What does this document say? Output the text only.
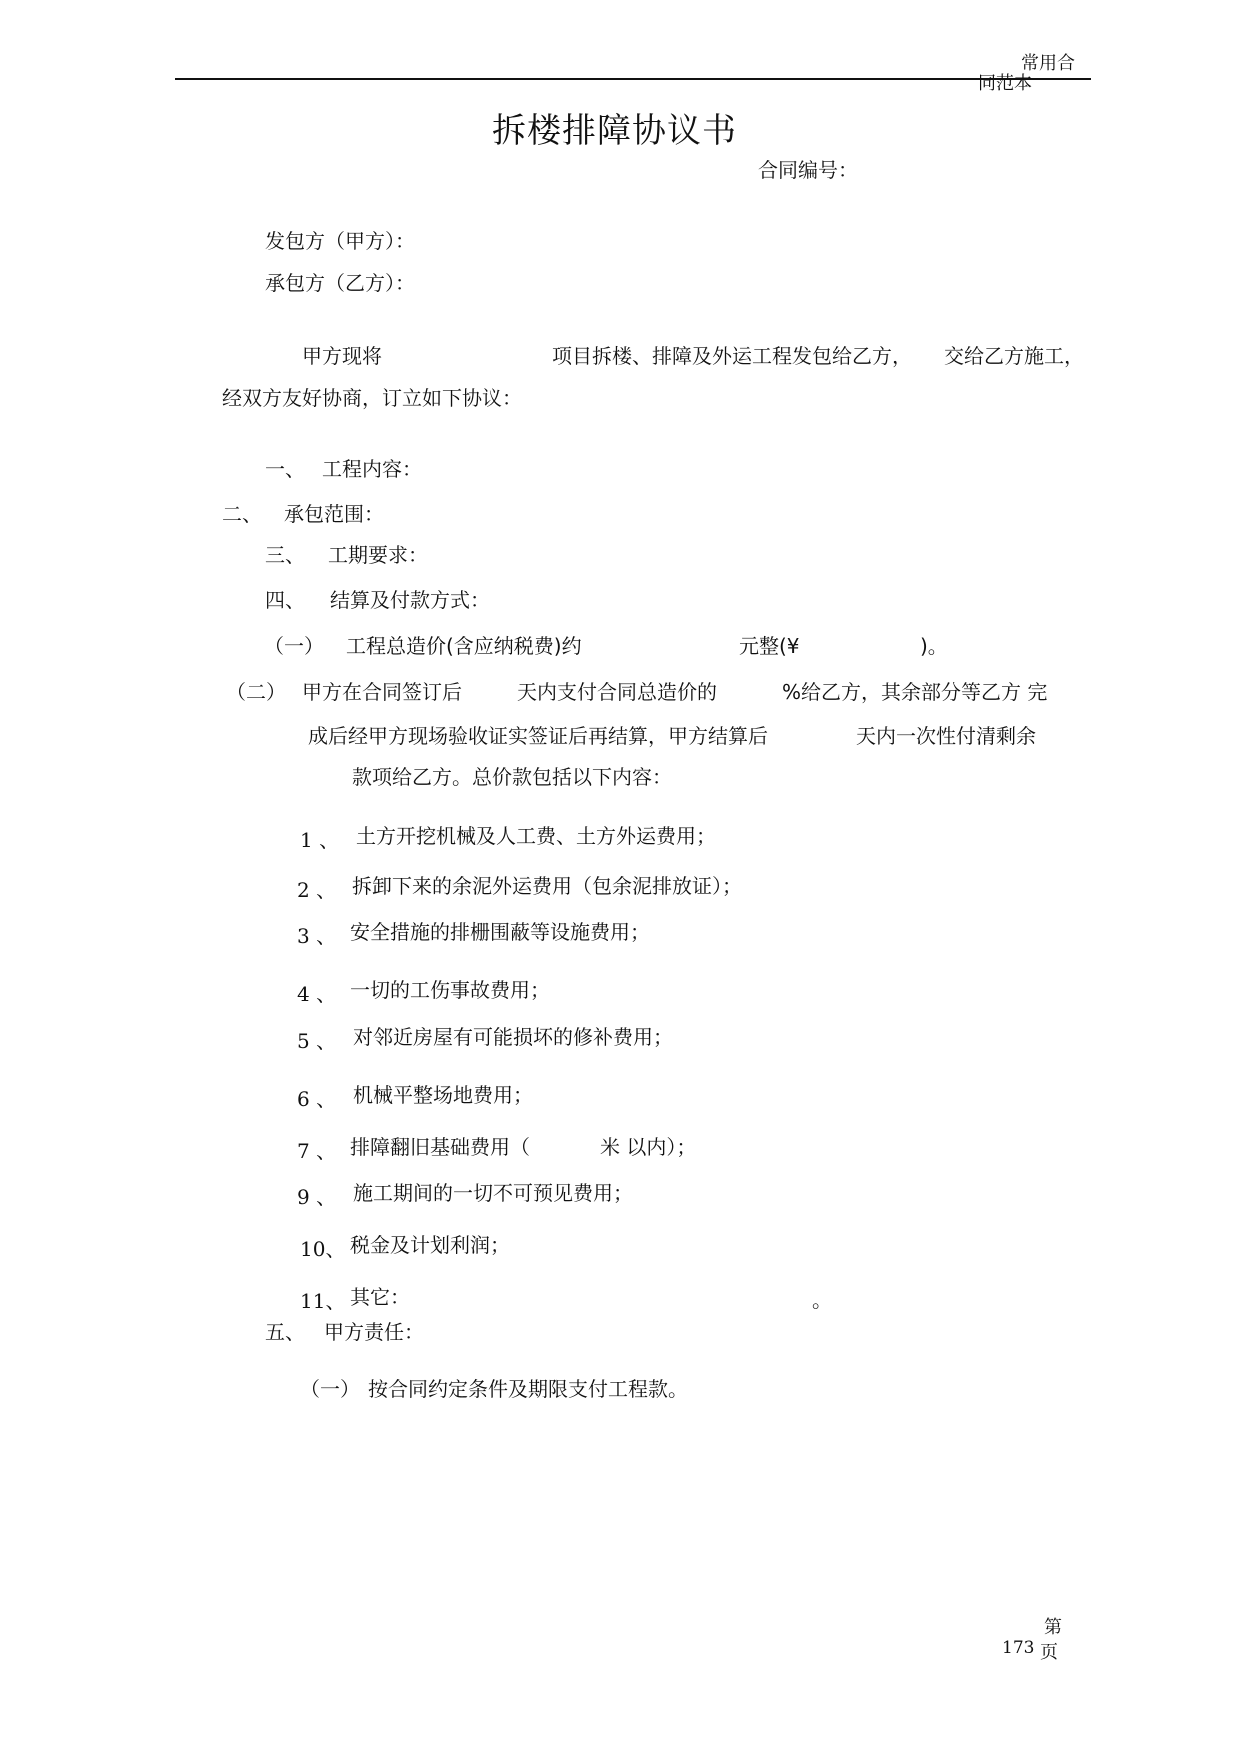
常用合
同范本
拆楼排障协议书
合同编号：
发包方（甲方）：
承包方（乙方）：
甲方现将	项目拆楼、排障及外运工程发包给乙方， 交给乙方施工，
经双方友好协商，订立如下协议：
一、 工程内容：
二、 承包范围：
三、 工期要求：
四、 结算及付款方式：
（一） 工程总造价(含应纳税费)约	元整(¥	)。
（二） 甲方在合同签订后	天内支付合同总造价的	%给乙方，其余部分等乙方 完
成后经甲方现场验收证实签证后再结算，甲方结算后	天内一次性付清剩余
款项给乙方。总价款包括以下内容：
1 、 土方开挖机械及人工费、土方外运费用；
2 、 拆卸下来的余泥外运费用（包余泥排放证）；
3 、 安全措施的排栅围蔽等设施费用；
4 、 一切的工伤事故费用；
5 、 对邻近房屋有可能损坏的修补费用；
6 、 机械平整场地费用；
7 、 排障翻旧基础费用（	米 以内）；
9 、 施工期间的一切不可预见费用；
10、 税金及计划利润；
11、 其它：	。
五、 甲方责任：
（一） 按合同约定条件及期限支付工程款。
第
173 页
